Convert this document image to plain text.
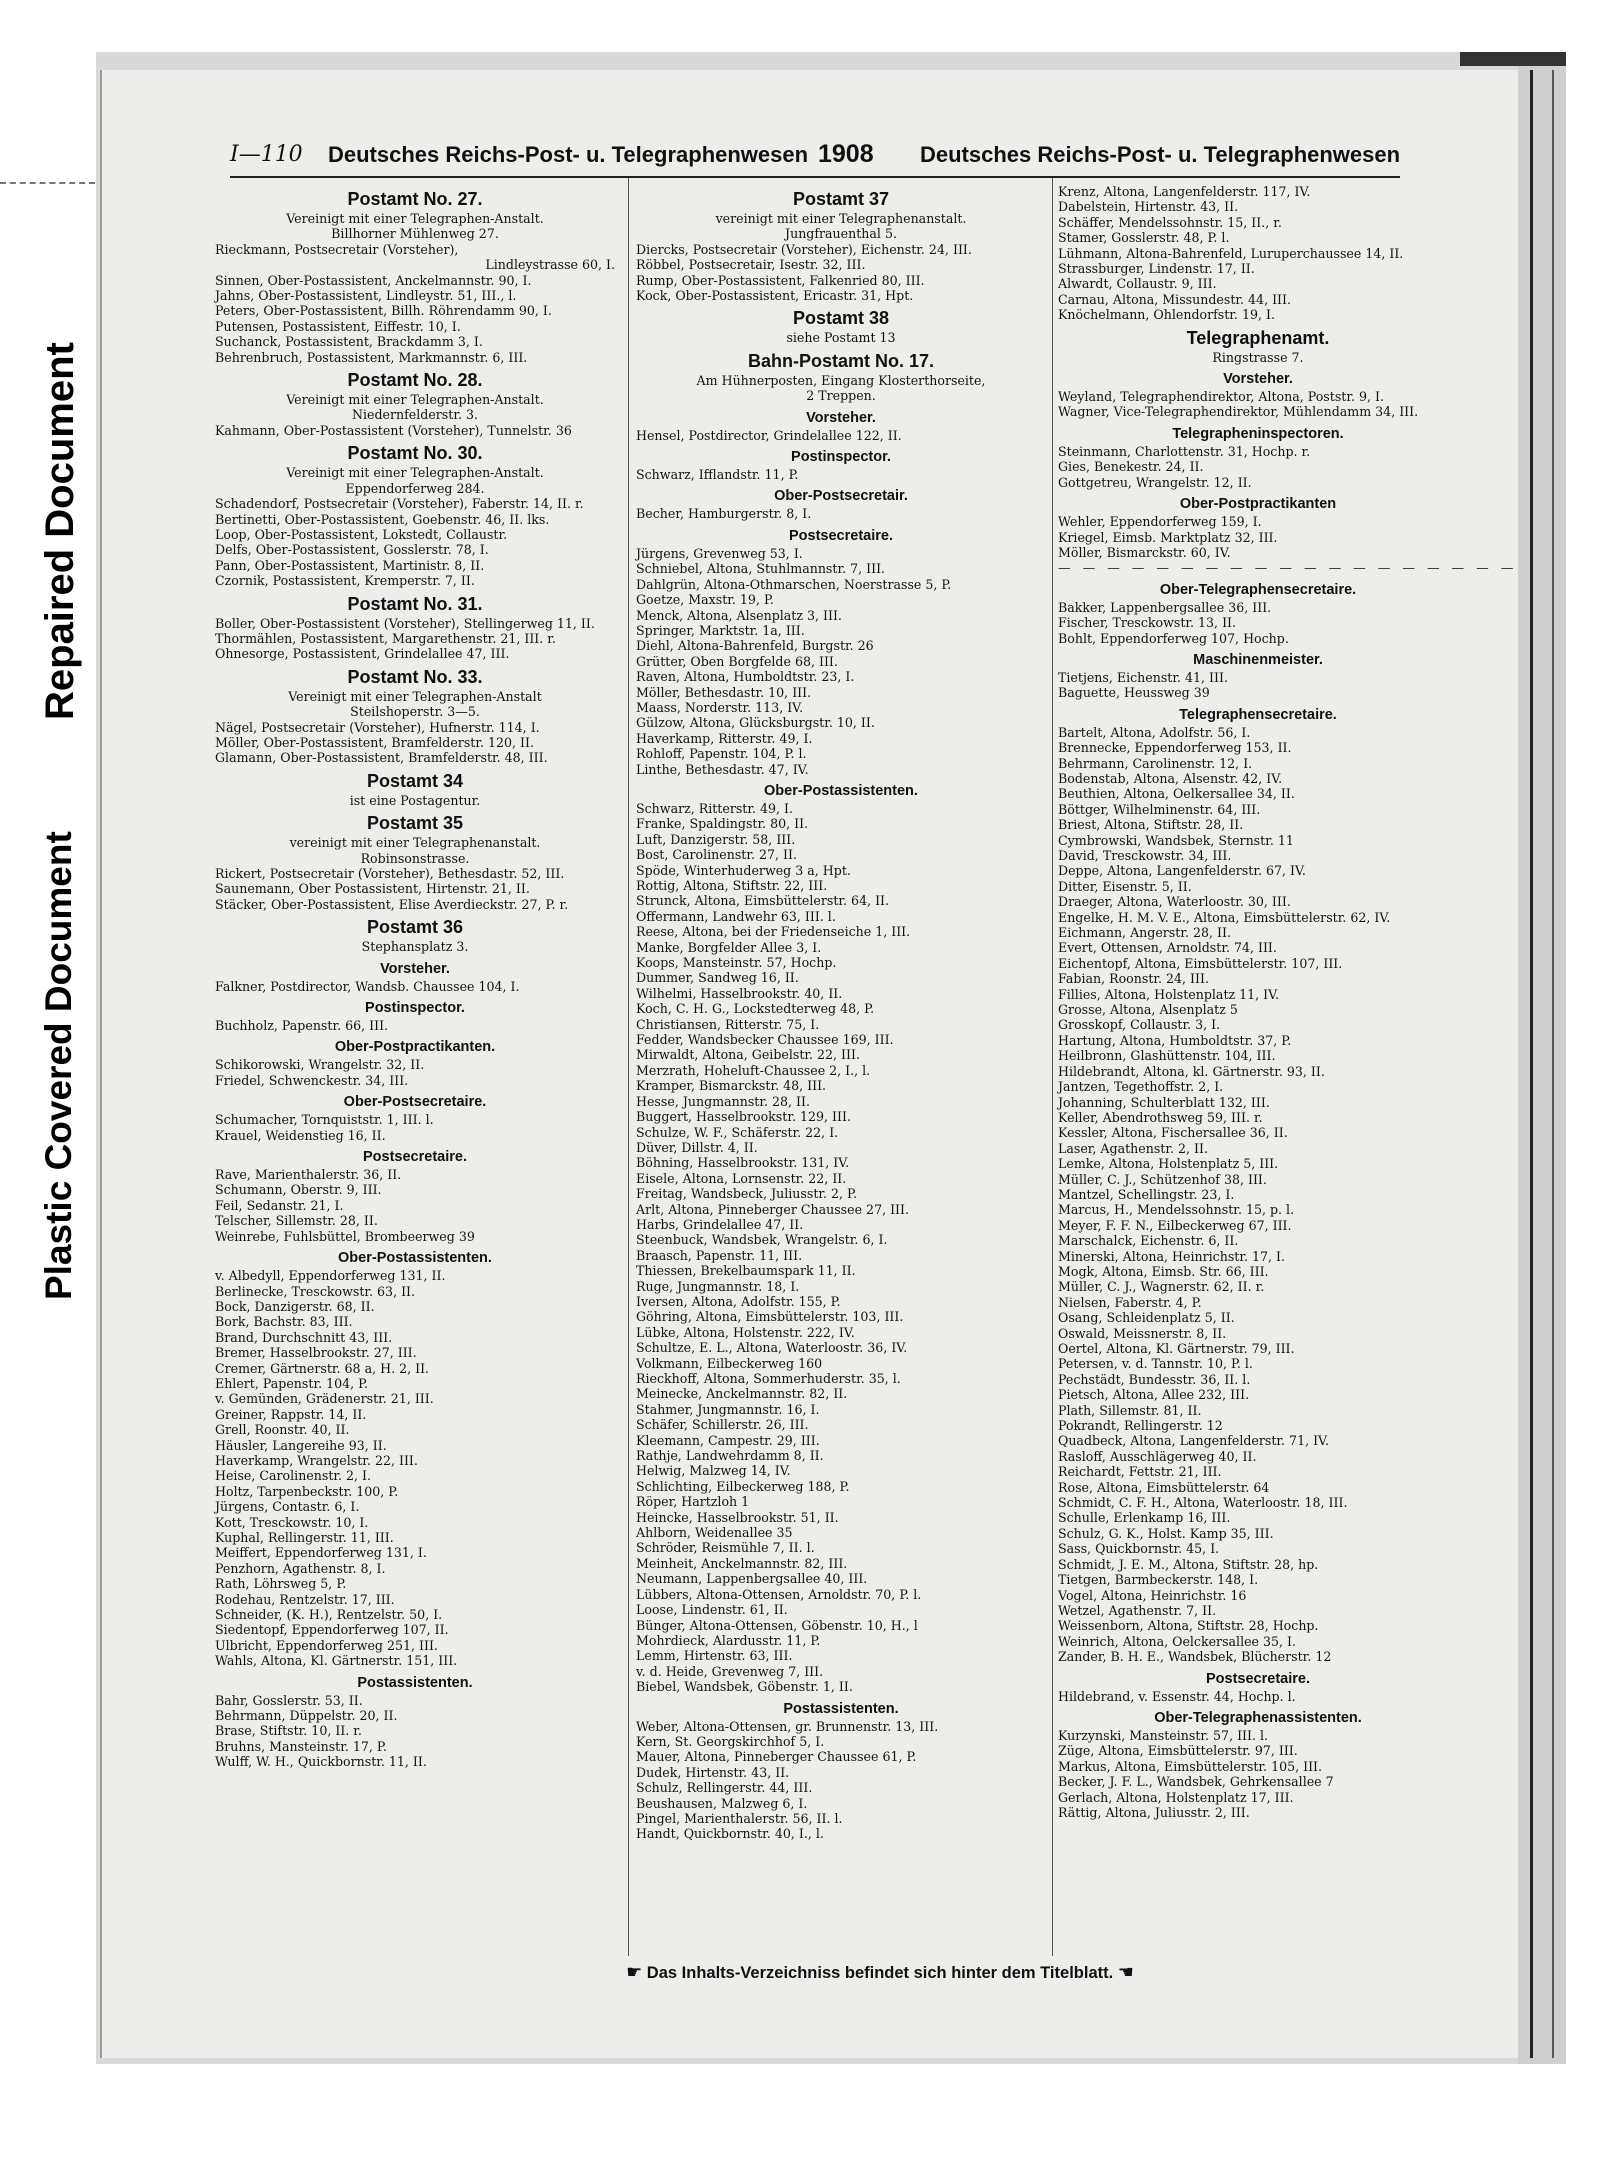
Repaired Document
Plastic Covered Document
I—110 Deutsches Reichs-Post- u. Telegraphenwesen 1908 Deutsches Reichs-Post- u. Telegraphenwesen
Postamt No. 27.
Vereinigt mit einer Telegraphen-Anstalt.
Billhorner Mühlenweg 27.
Rieckmann, Postsecretair (Vorsteher),
Lindleystrasse 60, I.
Sinnen, Ober-Postassistent, Anckelmannstr. 90, I.
Jahns, Ober-Postassistent, Lindleystr. 51, III., l.
Peters, Ober-Postassistent, Billh. Röhrendamm 90, I.
Putensen, Postassistent, Eiffestr. 10, I.
Suchanck, Postassistent, Brackdamm 3, I.
Behrenbruch, Postassistent, Markmannstr. 6, III.
Postamt No. 28.
Vereinigt mit einer Telegraphen-Anstalt.
Niedernfelderstr. 3.
Kahmann, Ober-Postassistent (Vorsteher), Tunnelstr. 36
Postamt No. 30.
Vereinigt mit einer Telegraphen-Anstalt.
Eppendorferweg 284.
Schadendorf, Postsecretair (Vorsteher), Faberstr. 14, II. r.
Bertinetti, Ober-Postassistent, Goebenstr. 46, II. lks.
Loop, Ober-Postassistent, Lokstedt, Collaustr.
Delfs, Ober-Postassistent, Gosslerstr. 78, I.
Pann, Ober-Postassistent, Martinistr. 8, II.
Czornik, Postassistent, Kremperstr. 7, II.
Postamt No. 31.
Boller, Ober-Postassistent (Vorsteher), Stellingerweg 11, II.
Thormählen, Postassistent, Margarethenstr. 21, III. r.
Ohnesorge, Postassistent, Grindelallee 47, III.
Postamt No. 33.
Vereinigt mit einer Telegraphen-Anstalt
Steilshoperstr. 3—5.
Nägel, Postsecretair (Vorsteher), Hufnerstr. 114, I.
Möller, Ober-Postassistent, Bramfelderstr. 120, II.
Glamann, Ober-Postassistent, Bramfelderstr. 48, III.
Postamt 34
ist eine Postagentur.
Postamt 35
vereinigt mit einer Telegraphenanstalt.
Robinsonstrasse.
Rickert, Postsecretair (Vorsteher), Bethesdastr. 52, III.
Saunemann, Ober Postassistent, Hirtenstr. 21, II.
Stäcker, Ober-Postassistent, Elise Averdieckstr. 27, P. r.
Postamt 36
Stephansplatz 3.
Vorsteher.
Falkner, Postdirector, Wandsb. Chaussee 104, I.
Postinspector.
Buchholz, Papenstr. 66, III.
Ober-Postpractikanten.
Schikorowski, Wrangelstr. 32, II.
Friedel, Schwenckestr. 34, III.
Ober-Postsecretaire.
Schumacher, Tornquiststr. 1, III. l.
Krauel, Weidenstieg 16, II.
Postsecretaire.
Rave, Marienthalerstr. 36, II.
Schumann, Oberstr. 9, III.
Feil, Sedanstr. 21, I.
Telscher, Sillemstr. 28, II.
Weinrebe, Fuhlsbüttel, Brombeerweg 39
Ober-Postassistenten.
v. Albedyll, Eppendorferweg 131, II.
Berlinecke, Tresckowstr. 63, II.
Bock, Danzigerstr. 68, II.
Bork, Bachstr. 83, III.
Brand, Durchschnitt 43, III.
Bremer, Hasselbrookstr. 27, III.
Cremer, Gärtnerstr. 68 a, H. 2, II.
Ehlert, Papenstr. 104, P.
v. Gemünden, Grädenerstr. 21, III.
Greiner, Rappstr. 14, II.
Grell, Roonstr. 40, II.
Häusler, Langereihe 93, II.
Haverkamp, Wrangelstr. 22, III.
Heise, Carolinenstr. 2, I.
Holtz, Tarpenbeckstr. 100, P.
Jürgens, Contastr. 6, I.
Kott, Tresckowstr. 10, I.
Kuphal, Rellingerstr. 11, III.
Meiffert, Eppendorferweg 131, I.
Penzhorn, Agathenstr. 8, I.
Rath, Löhrsweg 5, P.
Rodehau, Rentzelstr. 17, III.
Schneider, (K. H.), Rentzelstr. 50, I.
Siedentopf, Eppendorferweg 107, II.
Ulbricht, Eppendorferweg 251, III.
Wahls, Altona, Kl. Gärtnerstr. 151, III.
Postassistenten.
Bahr, Gosslerstr. 53, II.
Behrmann, Düppelstr. 20, II.
Brase, Stiftstr. 10, II. r.
Bruhns, Mansteinstr. 17, P.
Wulff, W. H., Quickbornstr. 11, II.
Postamt 37
vereinigt mit einer Telegraphenanstalt.
Jungfrauenthal 5.
Diercks, Postsecretair (Vorsteher), Eichenstr. 24, III.
Röbbel, Postsecretair, Isestr. 32, III.
Rump, Ober-Postassistent, Falkenried 80, III.
Kock, Ober-Postassistent, Ericastr. 31, Hpt.
Postamt 38
siehe Postamt 13
Bahn-Postamt No. 17.
Am Hühnerposten, Eingang Klosterthorseite,
2 Treppen.
Vorsteher.
Hensel, Postdirector, Grindelallee 122, II.
Postinspector.
Schwarz, Ifflandstr. 11, P.
Ober-Postsecretair.
Becher, Hamburgerstr. 8, I.
Postsecretaire.
Jürgens, Grevenweg 53, I.
Schniebel, Altona, Stuhlmannstr. 7, III.
Dahlgrün, Altona-Othmarschen, Noerstrasse 5, P.
Goetze, Maxstr. 19, P.
Menck, Altona, Alsenplatz 3, III.
Springer, Marktstr. 1a, III.
Diehl, Altona-Bahrenfeld, Burgstr. 26
Grütter, Oben Borgfelde 68, III.
Raven, Altona, Humboldtstr. 23, I.
Möller, Bethesdastr. 10, III.
Maass, Norderstr. 113, IV.
Gülzow, Altona, Glücksburgstr. 10, II.
Haverkamp, Ritterstr. 49, I.
Rohloff, Papenstr. 104, P. l.
Linthe, Bethesdastr. 47, IV.
Ober-Postassistenten.
Schwarz, Ritterstr. 49, I.
Franke, Spaldingstr. 80, II.
Luft, Danzigerstr. 58, III.
Bost, Carolinenstr. 27, II.
Spöde, Winterhuderweg 3 a, Hpt.
Rottig, Altona, Stiftstr. 22, III.
Strunck, Altona, Eimsbüttelerstr. 64, II.
Offermann, Landwehr 63, III. l.
Reese, Altona, bei der Friedenseiche 1, III.
Manke, Borgfelder Allee 3, I.
Koops, Mansteinstr. 57, Hochp.
Dummer, Sandweg 16, II.
Wilhelmi, Hasselbrookstr. 40, II.
Koch, C. H. G., Lockstedterweg 48, P.
Christiansen, Ritterstr. 75, I.
Fedder, Wandsbecker Chaussee 169, III.
Mirwaldt, Altona, Geibelstr. 22, III.
Merzrath, Hoheluft-Chaussee 2, I., l.
Kramper, Bismarckstr. 48, III.
Hesse, Jungmannstr. 28, II.
Buggert, Hasselbrookstr. 129, III.
Schulze, W. F., Schäferstr. 22, I.
Düver, Dillstr. 4, II.
Böhning, Hasselbrookstr. 131, IV.
Eisele, Altona, Lornsenstr. 22, II.
Freitag, Wandsbeck, Juliusstr. 2, P.
Arlt, Altona, Pinneberger Chaussee 27, III.
Harbs, Grindelallee 47, II.
Steenbuck, Wandsbek, Wrangelstr. 6, I.
Braasch, Papenstr. 11, III.
Thiessen, Brekelbaumspark 11, II.
Ruge, Jungmannstr. 18, I.
Iversen, Altona, Adolfstr. 155, P.
Göhring, Altona, Eimsbüttelerstr. 103, III.
Lübke, Altona, Holstenstr. 222, IV.
Schultze, E. L., Altona, Waterloostr. 36, IV.
Volkmann, Eilbeckerweg 160
Rieckhoff, Altona, Sommerhuderstr. 35, l.
Meinecke, Anckelmannstr. 82, II.
Stahmer, Jungmannstr. 16, I.
Schäfer, Schillerstr. 26, III.
Kleemann, Campestr. 29, III.
Rathje, Landwehrdamm 8, II.
Helwig, Malzweg 14, IV.
Schlichting, Eilbeckerweg 188, P.
Röper, Hartzloh 1
Heincke, Hasselbrookstr. 51, II.
Ahlborn, Weidenallee 35
Schröder, Reismühle 7, II. l.
Meinheit, Anckelmannstr. 82, III.
Neumann, Lappenbergsallee 40, III.
Lübbers, Altona-Ottensen, Arnoldstr. 70, P. l.
Loose, Lindenstr. 61, II.
Bünger, Altona-Ottensen, Göbenstr. 10, H., l
Mohrdieck, Alardusstr. 11, P.
Lemm, Hirtenstr. 63, III.
v. d. Heide, Grevenweg 7, III.
Biebel, Wandsbek, Göbenstr. 1, II.
Postassistenten.
Weber, Altona-Ottensen, gr. Brunnenstr. 13, III.
Kern, St. Georgskirchhof 5, I.
Mauer, Altona, Pinneberger Chaussee 61, P.
Dudek, Hirtenstr. 43, II.
Schulz, Rellingerstr. 44, III.
Beushausen, Malzweg 6, I.
Pingel, Marienthalerstr. 56, II. l.
Handt, Quickbornstr. 40, I., l.
Krenz, Altona, Langenfelderstr. 117, IV.
Dabelstein, Hirtenstr. 43, II.
Schäffer, Mendelssohnstr. 15, II., r.
Stamer, Gosslerstr. 48, P. l.
Lühmann, Altona-Bahrenfeld, Luruperchaussee 14, II.
Strassburger, Lindenstr. 17, II.
Alwardt, Collaustr. 9, III.
Carnau, Altona, Missundestr. 44, III.
Knöchelmann, Ohlendorfstr. 19, I.
Telegraphenamt.
Ringstrasse 7.
Vorsteher.
Weyland, Telegraphendirektor, Altona, Poststr. 9, I.
Wagner, Vice-Telegraphendirektor, Mühlendamm 34, III.
Telegrapheninspectoren.
Steinmann, Charlottenstr. 31, Hochp. r.
Gies, Benekestr. 24, II.
Gottgetreu, Wrangelstr. 12, II.
Ober-Postpractikanten
Wehler, Eppendorferweg 159, I.
Kriegel, Eimsb. Marktplatz 32, III.
Möller, Bismarckstr. 60, IV.
— — — — — — — — — — — — — — — — — — —
Ober-Telegraphensecretaire.
Bakker, Lappenbergsallee 36, III.
Fischer, Tresckowstr. 13, II.
Bohlt, Eppendorferweg 107, Hochp.
Maschinenmeister.
Tietjens, Eichenstr. 41, III.
Baguette, Heussweg 39
Telegraphensecretaire.
Bartelt, Altona, Adolfstr. 56, I.
Brennecke, Eppendorferweg 153, II.
Behrmann, Carolinenstr. 12, I.
Bodenstab, Altona, Alsenstr. 42, IV.
Beuthien, Altona, Oelkersallee 34, II.
Böttger, Wilhelminenstr. 64, III.
Briest, Altona, Stiftstr. 28, II.
Cymbrowski, Wandsbek, Sternstr. 11
David, Tresckowstr. 34, III.
Deppe, Altona, Langenfelderstr. 67, IV.
Ditter, Eisenstr. 5, II.
Draeger, Altona, Waterloostr. 30, III.
Engelke, H. M. V. E., Altona, Eimsbüttelerstr. 62, IV.
Eichmann, Angerstr. 28, II.
Evert, Ottensen, Arnoldstr. 74, III.
Eichentopf, Altona, Eimsbüttelerstr. 107, III.
Fabian, Roonstr. 24, III.
Fillies, Altona, Holstenplatz 11, IV.
Grosse, Altona, Alsenplatz 5
Grosskopf, Collaustr. 3, I.
Hartung, Altona, Humboldtstr. 37, P.
Heilbronn, Glashüttenstr. 104, III.
Hildebrandt, Altona, kl. Gärtnerstr. 93, II.
Jantzen, Tegethoffstr. 2, I.
Johanning, Schulterblatt 132, III.
Keller, Abendrothsweg 59, III. r.
Kessler, Altona, Fischersallee 36, II.
Laser, Agathenstr. 2, II.
Lemke, Altona, Holstenplatz 5, III.
Müller, C. J., Schützenhof 38, III.
Mantzel, Schellingstr. 23, I.
Marcus, H., Mendelssohnstr. 15, p. l.
Meyer, F. F. N., Eilbeckerweg 67, III.
Marschalck, Eichenstr. 6, II.
Minerski, Altona, Heinrichstr. 17, I.
Mogk, Altona, Eimsb. Str. 66, III.
Müller, C. J., Wagnerstr. 62, II. r.
Nielsen, Faberstr. 4, P.
Osang, Schleidenplatz 5, II.
Oswald, Meissnerstr. 8, II.
Oertel, Altona, Kl. Gärtnerstr. 79, III.
Petersen, v. d. Tannstr. 10, P. l.
Pechstädt, Bundesstr. 36, II. l.
Pietsch, Altona, Allee 232, III.
Plath, Sillemstr. 81, II.
Pokrandt, Rellingerstr. 12
Quadbeck, Altona, Langenfelderstr. 71, IV.
Rasloff, Ausschlägerweg 40, II.
Reichardt, Fettstr. 21, III.
Rose, Altona, Eimsbüttelerstr. 64
Schmidt, C. F. H., Altona, Waterloostr. 18, III.
Schulle, Erlenkamp 16, III.
Schulz, G. K., Holst. Kamp 35, III.
Sass, Quickbornstr. 45, I.
Schmidt, J. E. M., Altona, Stiftstr. 28, hp.
Tietgen, Barmbeckerstr. 148, I.
Vogel, Altona, Heinrichstr. 16
Wetzel, Agathenstr. 7, II.
Weissenborn, Altona, Stiftstr. 28, Hochp.
Weinrich, Altona, Oelckersallee 35, I.
Zander, B. H. E., Wandsbek, Blücherstr. 12
Postsecretaire.
Hildebrand, v. Essenstr. 44, Hochp. l.
Ober-Telegraphenassistenten.
Kurzynski, Mansteinstr. 57, III. l.
Züge, Altona, Eimsbüttelerstr. 97, III.
Markus, Altona, Eimsbüttelerstr. 105, III.
Becker, J. F. L., Wandsbek, Gehrkensallee 7
Gerlach, Altona, Holstenplatz 17, III.
Rättig, Altona, Juliusstr. 2, III.
☛ Das Inhalts-Verzeichniss befindet sich hinter dem Titelblatt. ☚
